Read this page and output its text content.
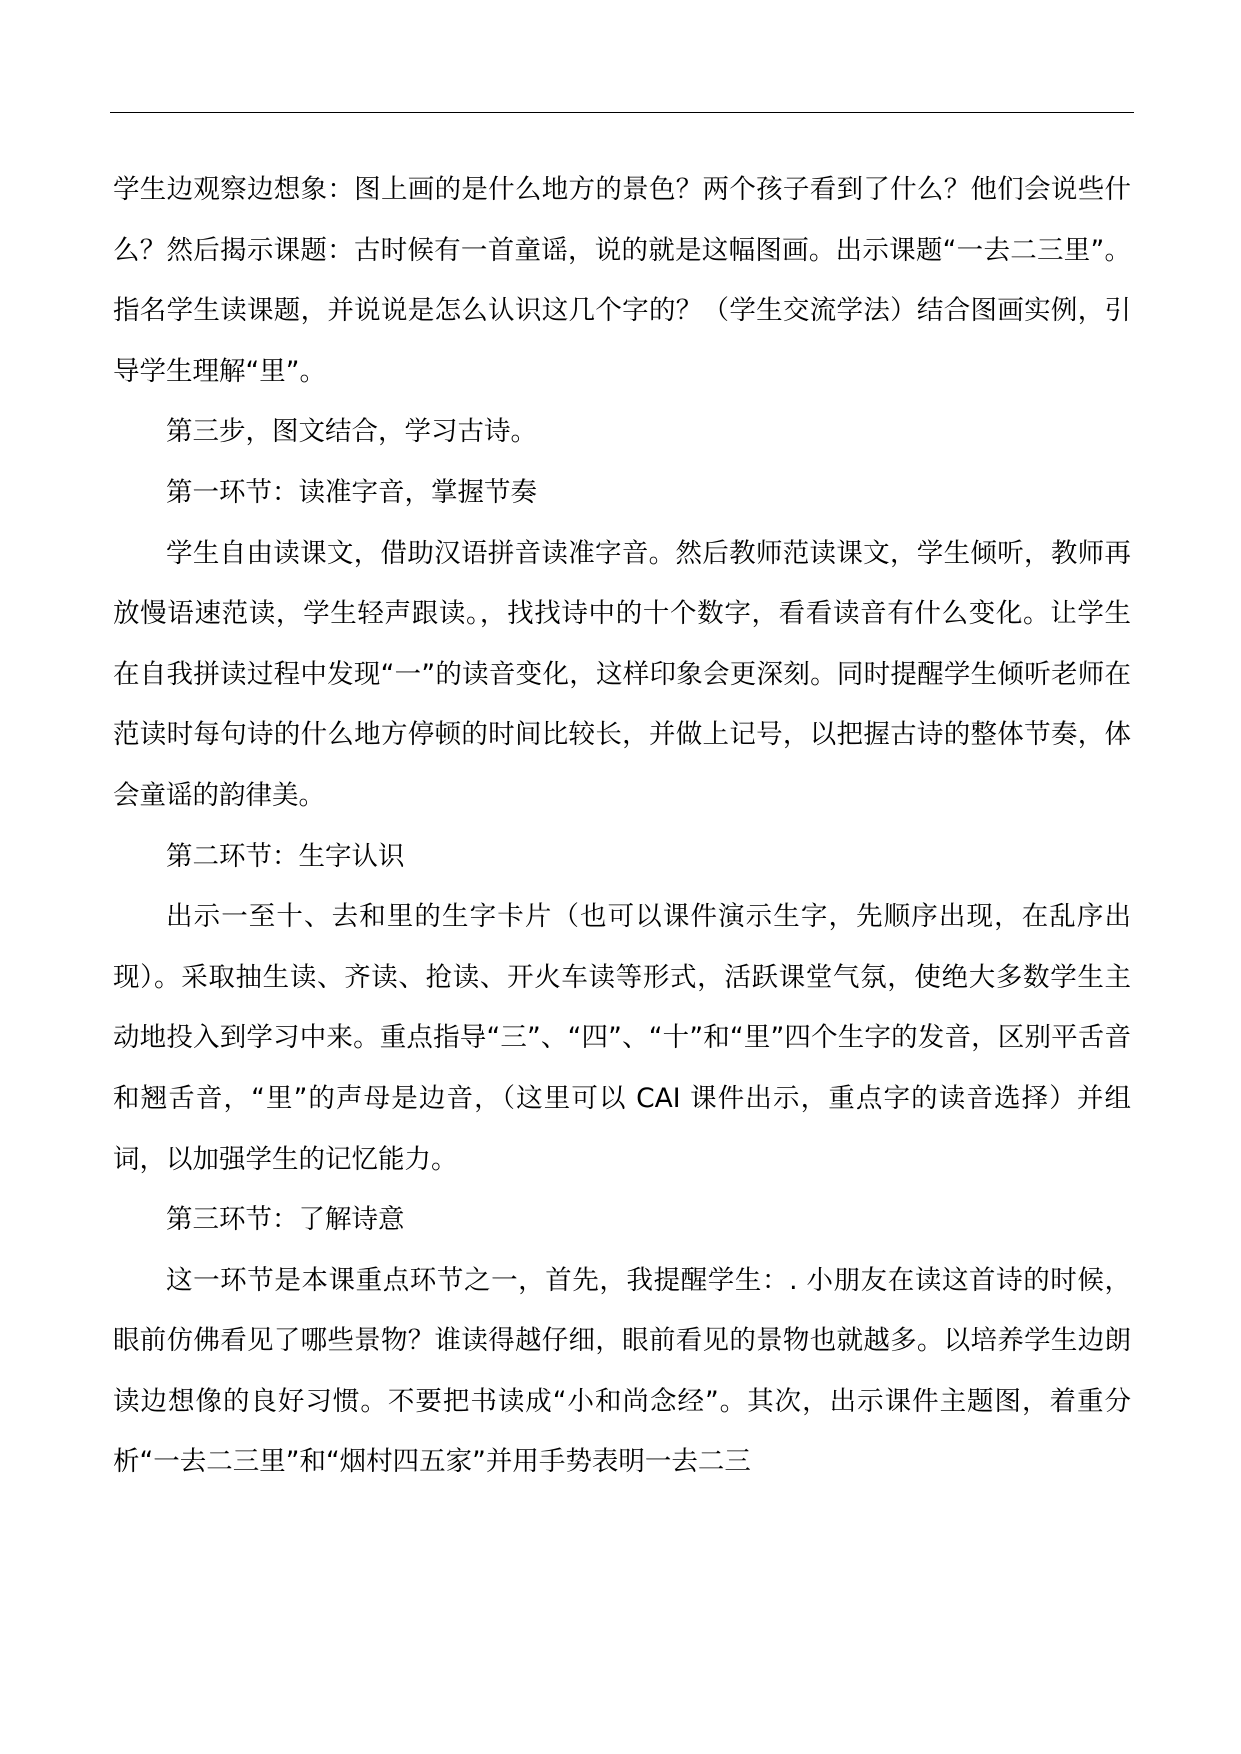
学生边观察边想象：图上画的是什么地方的景色？两个孩子看到了什么？他们会说些什么？然后揭示课题：古时候有一首童谣，说的就是这幅图画。出示课题“一去二三里”。指名学生读课题，并说说是怎么认识这几个字的？（学生交流学法）结合图画实例，引导学生理解“里”。

第三步，图文结合，学习古诗。

第一环节：读准字音，掌握节奏

学生自由读课文，借助汉语拼音读准字音。然后教师范读课文，学生倾听，教师再放慢语速范读，学生轻声跟读。，找找诗中的十个数字，看看读音有什么变化。让学生在自我拼读过程中发现“一”的读音变化，这样印象会更深刻。同时提醒学生倾听老师在范读时每句诗的什么地方停顿的时间比较长，并做上记号，以把握古诗的整体节奏，体会童谣的韵律美。

第二环节：生字认识

出示一至十、去和里的生字卡片（也可以课件演示生字，先顺序出现，在乱序出现）。采取抽生读、齐读、抢读、开火车读等形式，活跃课堂气氛，使绝大多数学生主动地投入到学习中来。重点指导“三”、“四”、“十”和“里”四个生字的发音，区别平舌音和翘舌音，“里”的声母是边音，（这里可以 CAI 课件出示，重点字的读音选择）并组词，以加强学生的记忆能力。

第三环节：了解诗意

这一环节是本课重点环节之一，首先，我提醒学生：. 小朋友在读这首诗的时候，眼前仿佛看见了哪些景物？谁读得越仔细，眼前看见的景物也就越多。以培养学生边朗读边想像的良好习惯。不要把书读成“小和尚念经”。其次，出示课件主题图，着重分析“一去二三里”和“烟村四五家”并用手势表明一去二三
